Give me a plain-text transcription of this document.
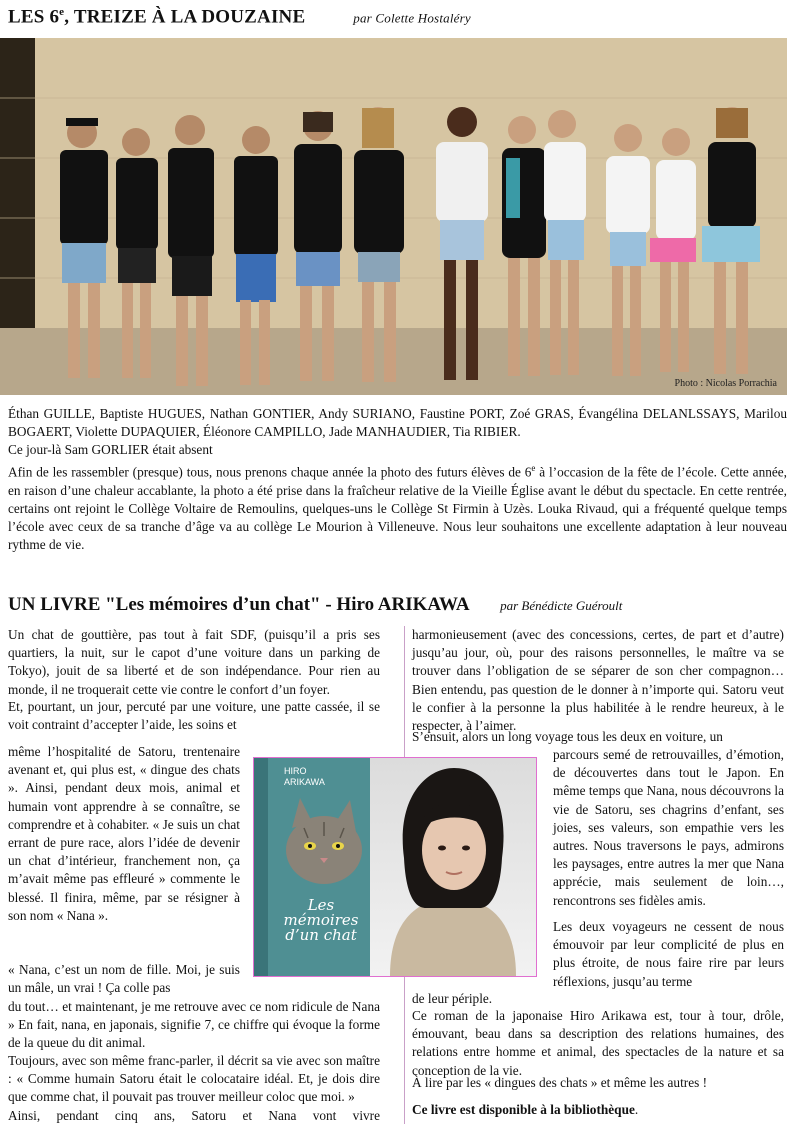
LES 6e, TREIZE À LA DOUZAINE	par Colette Hostaléry
Photo : Nicolas Porrachia

Éthan GUILLE, Baptiste HUGUES, Nathan GONTIER, Andy SURIANO, Faustine PORT, Zoé GRAS, Évangélina DELANLSSAYS, Marilou BOGAERT, Violette DUPAQUIER, Éléonore CAMPILLO, Jade MANHAUDIER, Tia RIBIER.

Ce jour-là Sam GORLIER était absent

Afin de les rassembler (presque) tous, nous prenons chaque année la photo des futurs élèves de 6e à l’occasion de la fête de l’école. Cette année, en raison d’une chaleur accablante, la photo a été prise dans la fraîcheur relative de la Vieille Église avant le début du spectacle. En cette rentrée, certains ont rejoint le Collège Voltaire de Remoulins, quelques-uns le Collège St Firmin à Uzès. Louka Rivaud, qui a fréquenté quelque temps l’école avec ceux de sa tranche d’âge va au collège Le Mourion à Villeneuve. Nous leur souhaitons une excellente adaptation à leur nouveau rythme de vie.

UN LIVRE "Les mémoires d’un chat" - Hiro ARIKAWA par Bénédicte Guéroult

Un chat de gouttière, pas tout à fait SDF, (puisqu’il a pris ses quartiers, la nuit, sur le capot d’une voiture dans un parking de Tokyo), jouit de sa liberté et de son indépendance. Pour rien au monde, il ne troquerait cette vie contre le confort d’un foyer.

Et, pourtant, un jour, percuté par une voiture, une patte cassée, il se voit contraint d’accepter l’aide, les soins et

même l’hospitalité de Satoru, trentenaire avenant et, qui plus est, « dingue des chats ». Ainsi, pendant deux mois, animal et humain vont apprendre à se connaître, se comprendre et à cohabiter. « Je suis un chat errant de pure race, alors l’idée de devenir un chat d’intérieur, franchement non, ça m’avait même pas effleuré » commente le blessé. Il finira, même, par se résigner à son nom « Nana ».

« Nana, c’est un nom de fille. Moi, je suis un mâle, un vrai ! Ça colle pas

du tout… et maintenant, je me retrouve avec ce nom ridicule de Nana » En fait, nana, en japonais, signifie 7, ce chiffre qui évoque la forme de la queue du dit animal.

Toujours, avec son même franc-parler, il décrit sa vie avec son maître : « Comme humain Satoru était le colocataire idéal. Et, je dois dire que comme chat, il pouvait pas trouver meilleur coloc que moi. »

Ainsi, pendant cinq ans, Satoru et Nana vont vivre

harmonieusement (avec des concessions, certes, de part et d’autre) jusqu’au jour, où, pour des raisons personnelles, le maître va se trouver dans l’obligation de se séparer de son cher compagnon… Bien entendu, pas question de le donner à n’importe qui. Satoru veut le confier à la personne la plus habilitée à le rendre heureux, à le respecter, à l’aimer.

S’ensuit, alors un long voyage tous les deux en voiture, un

parcours semé de retrouvailles, d’émotion, de découvertes dans tout le Japon. En même temps que Nana, nous découvrons la vie de Satoru, ses chagrins d’enfant, ses joies, ses valeurs, son empathie vers les autres. Nous traversons le pays, admirons les paysages, entre autres la mer que Nana apprécie, mais seulement de loin…, rencontrons ses fidèles amis.

Les deux voyageurs ne cessent de nous émouvoir par leur complicité de plus en plus étroite, de nous faire rire par leurs réflexions, jusqu’au terme

de leur périple.

Ce roman de la japonaise Hiro Arikawa est, tour à tour, drôle, émouvant, beau dans sa description des relations humaines, des relations entre homme et animal, des spectacles de la nature et sa conception de la vie.

À lire par les « dingues des chats » et même les autres !

Ce livre est disponible à la bibliothèque.

HIRO
ARIKAWA
Les
mémoires
d’un chat
